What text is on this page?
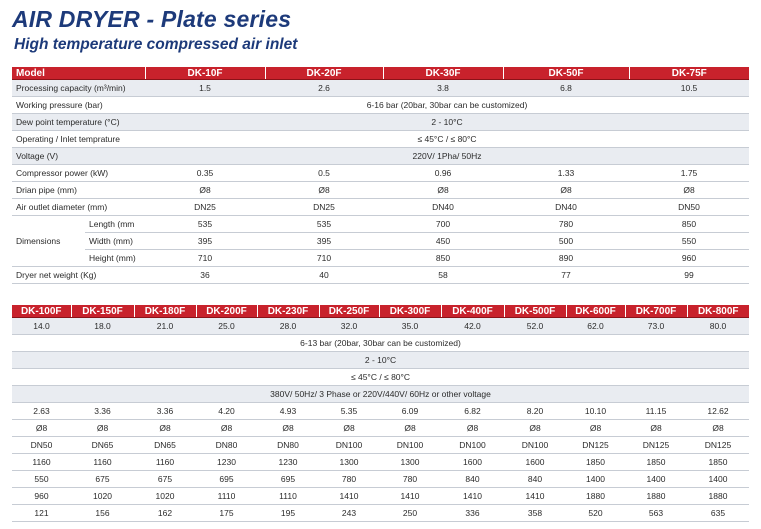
AIR DRYER - Plate series
High temperature compressed air inlet
Model		DK-10F	DK-20F	DK-30F	DK-50F	DK-75F
Processing capacity (m³/min)		1.5	2.6	3.8	6.8	10.5
Working pressure (bar)		6-16 bar (20bar, 30bar can be customized)				
Dew point temperature (°C)		2 - 10°C				
Operating / Inlet temprature		≤ 45°C / ≤ 80°C				
Voltage (V)		220V/ 1Pha/ 50Hz				
Compressor power (kW)		0.35	0.5	0.96	1.33	1.75
Drian pipe (mm)		Ø8	Ø8	Ø8	Ø8	Ø8
Air outlet diameter (mm)		DN25	DN25	DN40	DN40	DN50
Dimensions	Length (mm	535	535	700	780	850
	Width (mm)	395	395	450	500	550
	Height (mm)	710	710	850	890	960
Dryer net weight (Kg)		36	40	58	77	99
DK-100F	DK-150F	DK-180F	DK-200F	DK-230F	DK-250F	DK-300F	DK-400F	DK-500F	DK-600F	DK-700F	DK-800F
14.0	18.0	21.0	25.0	28.0	32.0	35.0	42.0	52.0	62.0	73.0	80.0
6-13 bar (20bar, 30bar can be customized)											
2 - 10°C											
≤ 45°C / ≤ 80°C											
380V/ 50Hz/ 3 Phase or 220V/440V/ 60Hz or other voltage											
2.63	3.36	3.36	4.20	4.93	5.35	6.09	6.82	8.20	10.10	11.15	12.62
Ø8	Ø8	Ø8	Ø8	Ø8	Ø8	Ø8	Ø8	Ø8	Ø8	Ø8	Ø8
DN50	DN65	DN65	DN80	DN80	DN100	DN100	DN100	DN100	DN125	DN125	DN125
1160	1160	1160	1230	1230	1300	1300	1600	1600	1850	1850	1850
550	675	675	695	695	780	780	840	840	1400	1400	1400
960	1020	1020	1110	1110	1410	1410	1410	1410	1880	1880	1880
121	156	162	175	195	243	250	336	358	520	563	635
